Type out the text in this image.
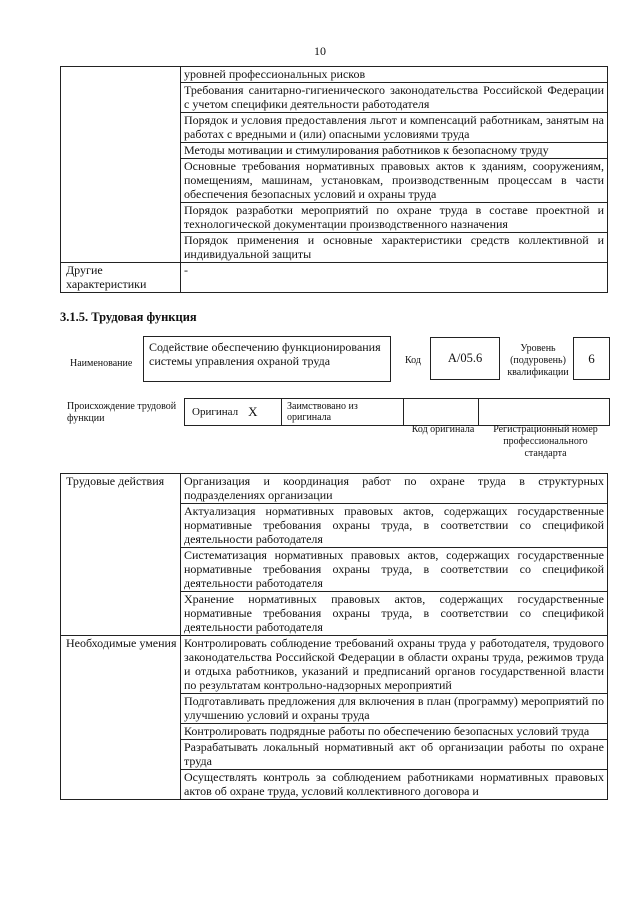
10
	уровней профессиональных рисков
	Требования санитарно-гигиенического законодательства Российской Федерации с учетом специфики деятельности работодателя
	Порядок и условия предоставления льгот и компенсаций работникам, занятым на работах с вредными и (или) опасными условиями труда
	Методы мотивации и стимулирования работников к безопасному труду
	Основные требования нормативных правовых актов к зданиям, сооружениям, помещениям, машинам, установкам, производственным процессам в части обеспечения безопасных условий и охраны труда
	Порядок разработки мероприятий по охране труда в составе проектной и технологической документации производственного назначения
	Порядок применения и основные характеристики средств коллективной и индивидуальной защиты
Другие характеристики	-
3.1.5. Трудовая функция
Наименование
Содействие обеспечению функционирования системы управления охраной труда	Код	А/05.6
Уровень (подуровень) квалификации
6
Происхождение трудовой функции
Оригинал X	Заимствовано из оригинала
Код оригинала	Регистрационный номер профессионального стандарта
Трудовые действия	Организация и координация работ по охране труда в структурных подразделениях организации
	Актуализация нормативных правовых актов, содержащих государственные нормативные требования охраны труда, в соответствии со спецификой деятельности работодателя
	Систематизация нормативных правовых актов, содержащих государственные нормативные требования охраны труда, в соответствии со спецификой деятельности работодателя
	Хранение нормативных правовых актов, содержащих государственные нормативные требования охраны труда, в соответствии со спецификой деятельности работодателя
Необходимые умения	Контролировать соблюдение требований охраны труда у работодателя, трудового законодательства Российской Федерации в области охраны труда, режимов труда и отдыха работников, указаний и предписаний органов государственной власти по результатам контрольно-надзорных мероприятий
	Подготавливать предложения для включения в план (программу) мероприятий по улучшению условий и охраны труда
	Контролировать подрядные работы по обеспечению безопасных условий труда
	Разрабатывать локальный нормативный акт об организации работы по охране труда
	Осуществлять контроль за соблюдением работниками нормативных правовых актов об охране труда, условий коллективного договора и
